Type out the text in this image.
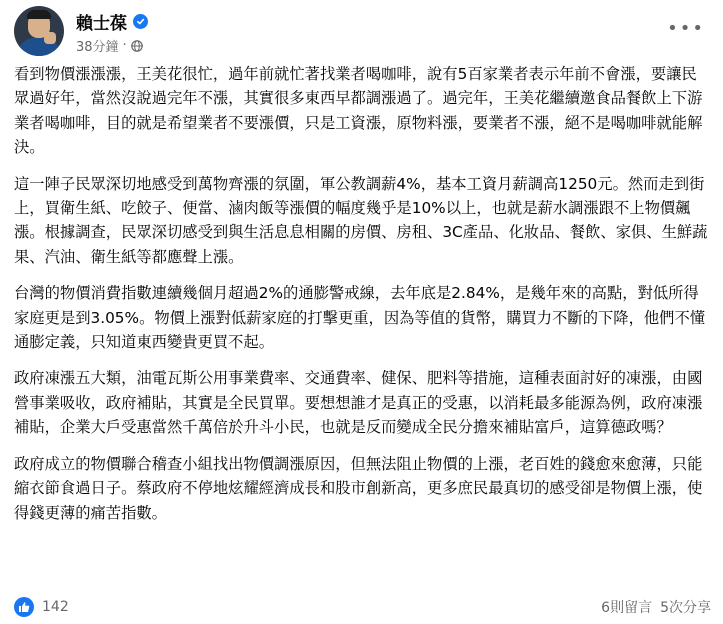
賴士葆
38分鐘 ·
•••

看到物價漲漲漲，王美花很忙，過年前就忙著找業者喝咖啡，說有5百家業者表示年前不會漲，要讓民眾過好年，當然沒說過完年不漲，其實很多東西早都調漲過了。過完年，王美花繼續邀食品餐飲上下游業者喝咖啡，目的就是希望業者不要漲價，只是工資漲，原物料漲，要業者不漲，絕不是喝咖啡就能解決。

這一陣子民眾深切地感受到萬物齊漲的氛圍，軍公教調薪4%，基本工資月薪調高1250元。然而走到街上，買衛生紙、吃餃子、便當、滷肉飯等漲價的幅度幾乎是10%以上，也就是薪水調漲跟不上物價飆漲。根據調查，民眾深切感受到與生活息息相關的房價、房租、3C產品、化妝品、餐飲、家俱、生鮮蔬果、汽油、衛生紙等都應聲上漲。

台灣的物價消費指數連續幾個月超過2%的通膨警戒線，去年底是2.84%，是幾年來的高點，對低所得家庭更是到3.05%。物價上漲對低薪家庭的打擊更重，因為等值的貨幣，購買力不斷的下降，他們不懂通膨定義，只知道東西變貴更買不起。

政府凍漲五大類，油電瓦斯公用事業費率、交通費率、健保、肥料等措施，這種表面討好的凍漲，由國營事業吸收，政府補貼，其實是全民買單。要想想誰才是真正的受惠，以消耗最多能源為例，政府凍漲補貼，企業大戶受惠當然千萬倍於升斗小民，也就是反而變成全民分擔來補貼富戶，這算德政嗎？

政府成立的物價聯合稽查小組找出物價調漲原因，但無法阻止物價的上漲，老百姓的錢愈來愈薄，只能縮衣節食過日子。蔡政府不停地炫耀經濟成長和股市創新高，更多庶民最真切的感受卻是物價上漲，使得錢更薄的痛苦指數。

142	6則留言 5次分享
